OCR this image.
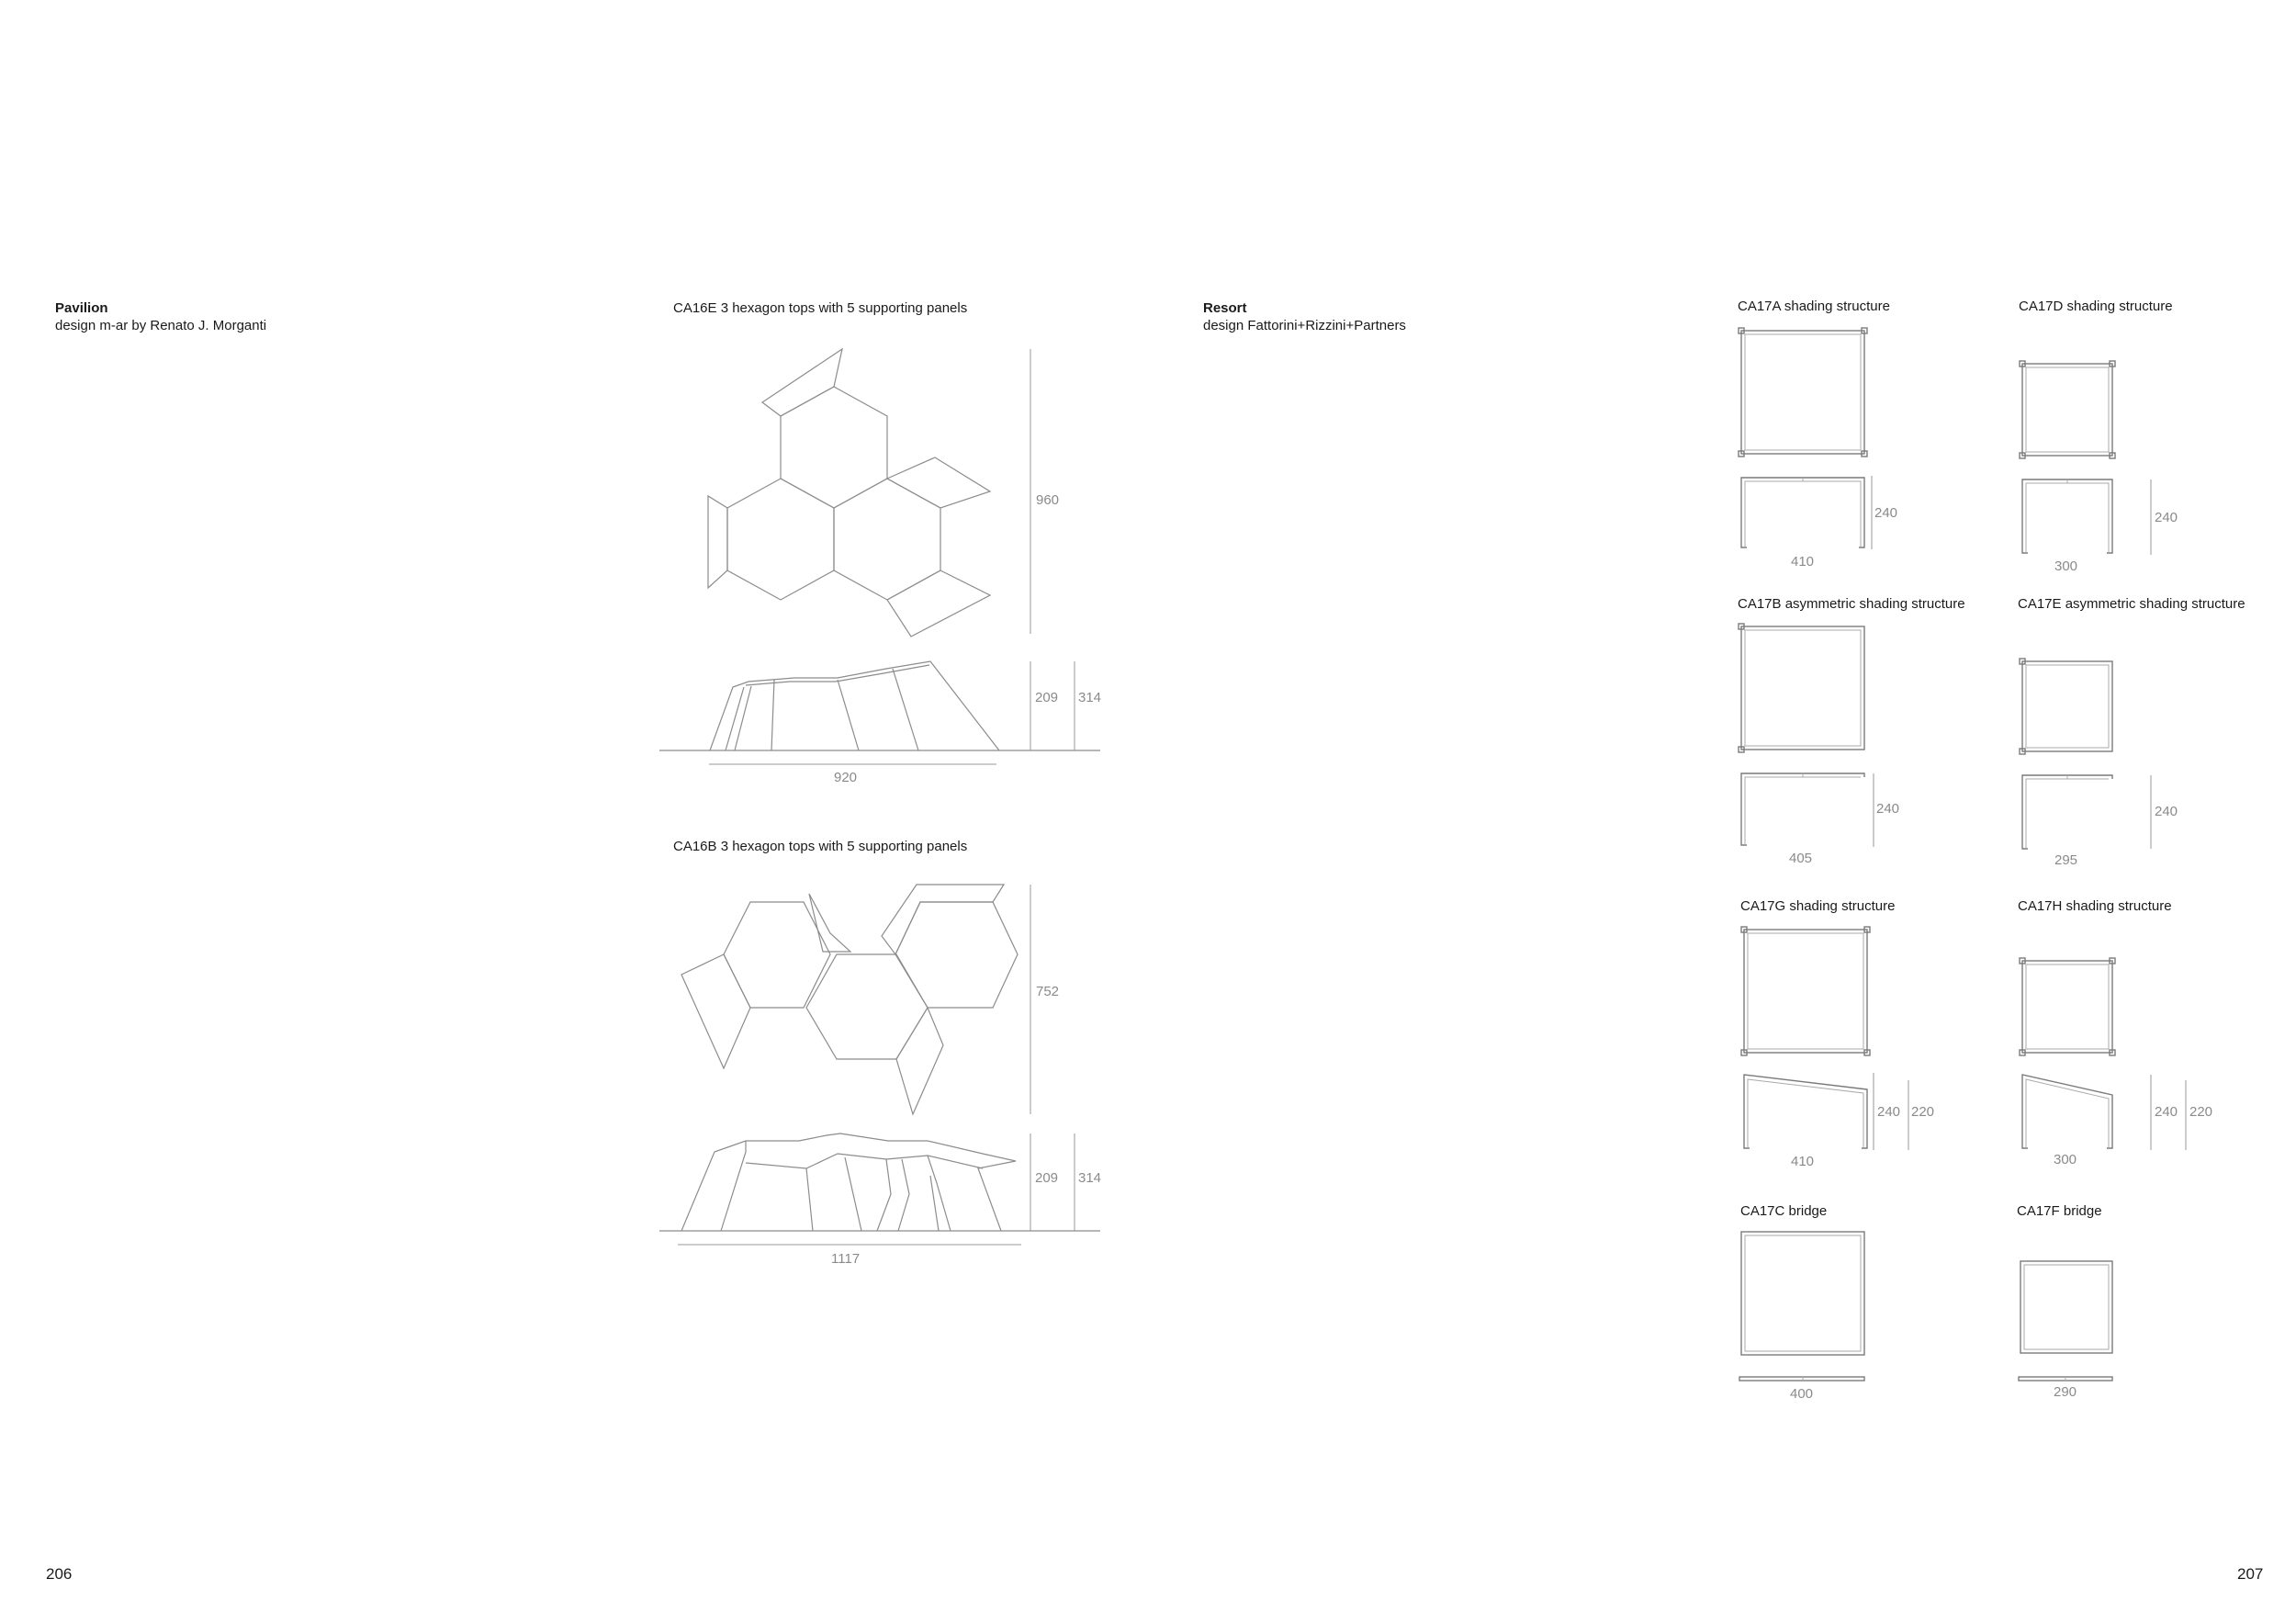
Pavilion
design m-ar by Renato J. Morganti
CA16E 3 hexagon tops with 5 supporting panels
CA16B 3 hexagon tops with 5 supporting panels
960
209 314
920
752
209 314
1117
206
Resort
design Fattorini+Rizzini+Partners
CA17A shading structure	CA17D shading structure
CA17B asymmetric shading structure	CA17E asymmetric shading structure
CA17G shading structure	CA17H shading structure
CA17C bridge	CA17F bridge
240
410
240
300
240
405
240
295
240 220
410
240 220
300
400	290
207
